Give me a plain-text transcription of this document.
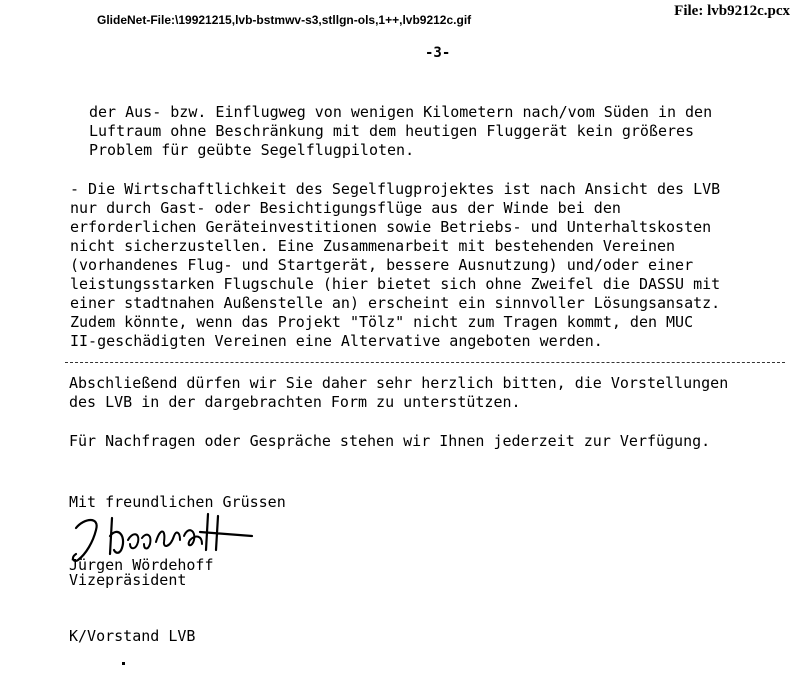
GlideNet-File:\19921215,lvb-bstmwv-s3,stllgn-ols,1++,lvb9212c.gif
File: lvb9212c.pcx
-3-
der Aus- bzw. Einflugweg von wenigen Kilometern nach/vom Süden in den
Luftraum ohne Beschränkung mit dem heutigen Fluggerät kein größeres
Problem für geübte Segelflugpiloten.
- Die Wirtschaftlichkeit des Segelflugprojektes ist nach Ansicht des LVB
nur durch Gast- oder Besichtigungsflüge aus der Winde bei den
erforderlichen Geräteinvestitionen sowie Betriebs- und Unterhaltskosten
nicht sicherzustellen. Eine Zusammenarbeit mit bestehenden Vereinen
(vorhandenes Flug- und Startgerät, bessere Ausnutzung) und/oder einer
leistungsstarken Flugschule (hier bietet sich ohne Zweifel die DASSU mit
einer stadtnahen Außenstelle an) erscheint ein sinnvoller Lösungsansatz.
Zudem könnte, wenn das Projekt "Tölz" nicht zum Tragen kommt, den MUC
II-geschädigten Vereinen eine Altervative angeboten werden.
Abschließend dürfen wir Sie daher sehr herzlich bitten, die Vorstellungen
des LVB in der dargebrachten Form zu unterstützen.
Für Nachfragen oder Gespräche stehen wir Ihnen jederzeit zur Verfügung.
Mit freundlichen Grüssen
Jürgen Wördehoff
Vizepräsident
K/Vorstand LVB
